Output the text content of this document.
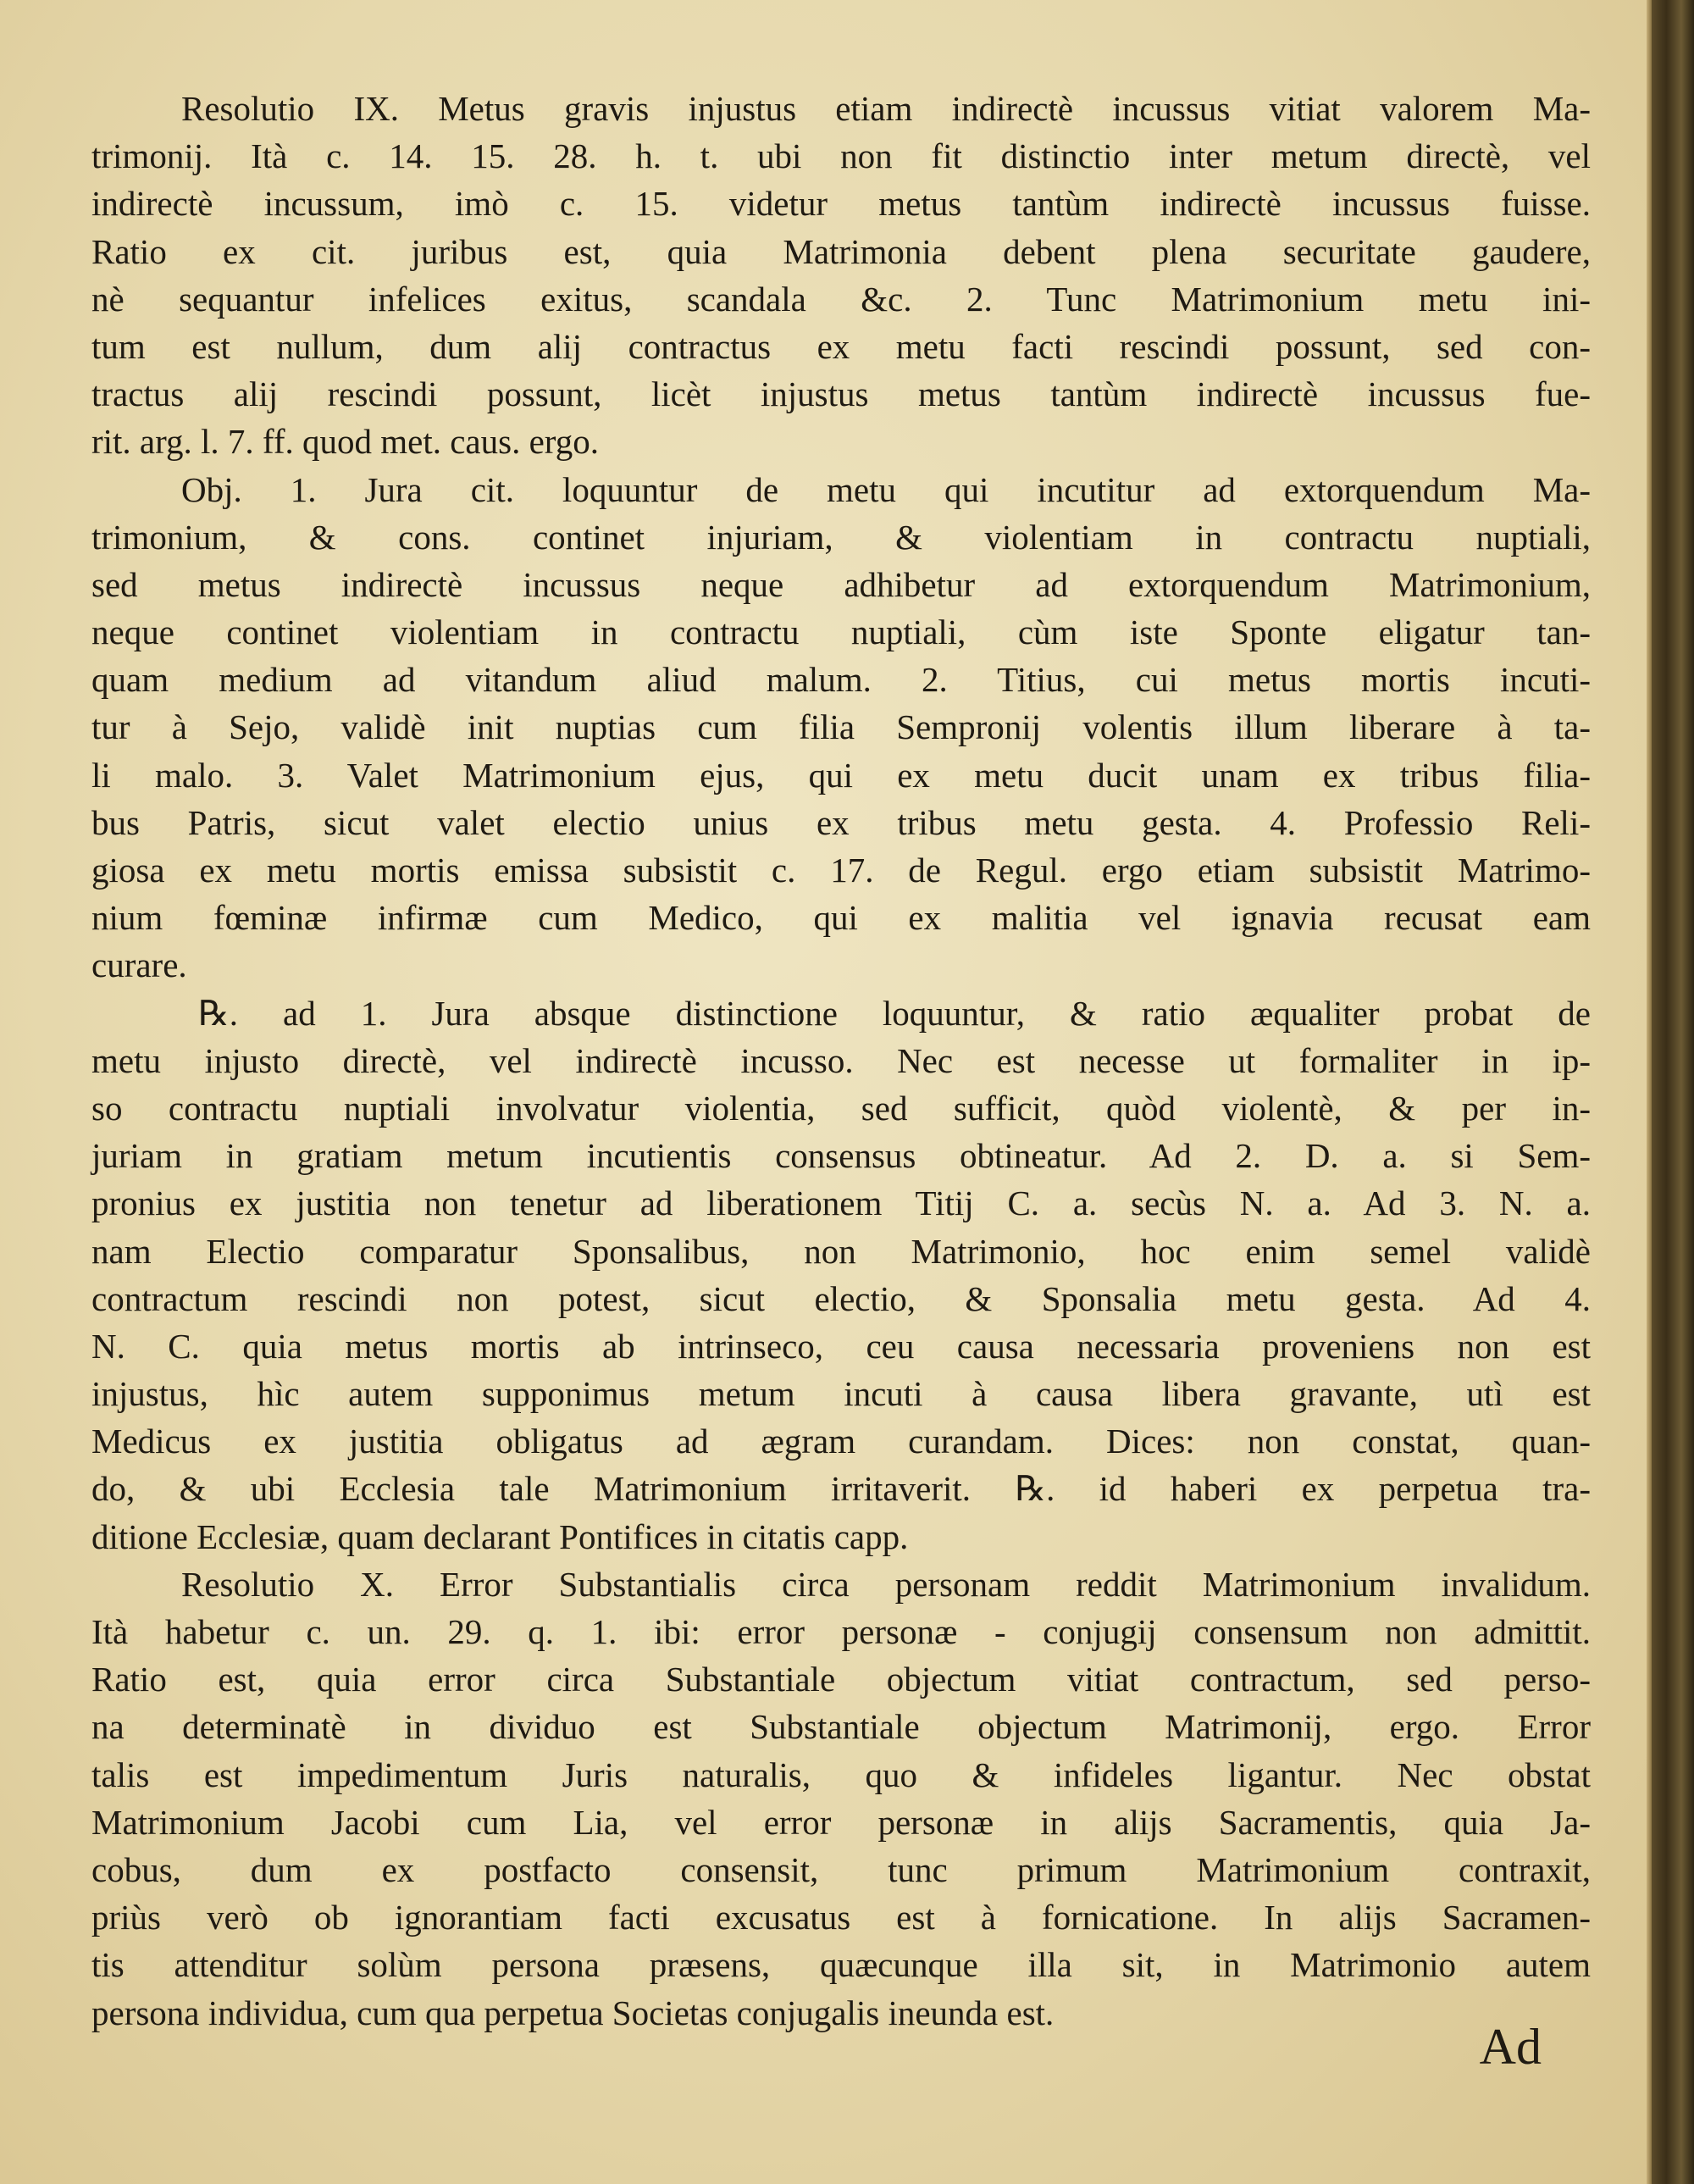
Resolutio IX. Metus gravis injustus etiam indirectè incussus vitiat valorem Ma-
trimonij. Ità c. 14. 15. 28. h. t. ubi non fit distinctio inter metum directè, vel
indirectè incussum, imò c. 15. videtur metus tantùm indirectè incussus fuisse.
Ratio ex cit. juribus est, quia Matrimonia debent plena securitate gaudere,
nè sequantur infelices exitus, scandala &c. 2. Tunc Matrimonium metu ini-
tum est nullum, dum alij contractus ex metu facti rescindi possunt, sed con-
tractus alij rescindi possunt, licèt injustus metus tantùm indirectè incussus fue-
rit. arg. l. 7. ff. quod met. caus. ergo.
Obj. 1. Jura cit. loquuntur de metu qui incutitur ad extorquendum Ma-
trimonium, & cons. continet injuriam, & violentiam in contractu nuptiali,
sed metus indirectè incussus neque adhibetur ad extorquendum Matrimonium,
neque continet violentiam in contractu nuptiali, cùm iste Sponte eligatur tan-
quam medium ad vitandum aliud malum. 2. Titius, cui metus mortis incuti-
tur à Sejo, validè init nuptias cum filia Sempronij volentis illum liberare à ta-
li malo. 3. Valet Matrimonium ejus, qui ex metu ducit unam ex tribus filia-
bus Patris, sicut valet electio unius ex tribus metu gesta. 4. Professio Reli-
giosa ex metu mortis emissa subsistit c. 17. de Regul. ergo etiam subsistit Matrimo-
nium fœminæ infirmæ cum Medico, qui ex malitia vel ignavia recusat eam
curare.
℞. ad 1. Jura absque distinctione loquuntur, & ratio æqualiter probat de
metu injusto directè, vel indirectè incusso. Nec est necesse ut formaliter in ip-
so contractu nuptiali involvatur violentia, sed sufficit, quòd violentè, & per in-
juriam in gratiam metum incutientis consensus obtineatur. Ad 2. D. a. si Sem-
pronius ex justitia non tenetur ad liberationem Titij C. a. secùs N. a. Ad 3. N. a.
nam Electio comparatur Sponsalibus, non Matrimonio, hoc enim semel validè
contractum rescindi non potest, sicut electio, & Sponsalia metu gesta. Ad 4.
N. C. quia metus mortis ab intrinseco, ceu causa necessaria proveniens non est
injustus, hìc autem supponimus metum incuti à causa libera gravante, utì est
Medicus ex justitia obligatus ad ægram curandam. Dices: non constat, quan-
do, & ubi Ecclesia tale Matrimonium irritaverit. ℞. id haberi ex perpetua tra-
ditione Ecclesiæ, quam declarant Pontifices in citatis capp.
Resolutio X. Error Substantialis circa personam reddit Matrimonium invalidum.
Ità habetur c. un. 29. q. 1. ibi: error personæ - conjugij consensum non admittit.
Ratio est, quia error circa Substantiale objectum vitiat contractum, sed perso-
na determinatè in dividuo est Substantiale objectum Matrimonij, ergo. Error
talis est impedimentum Juris naturalis, quo & infideles ligantur. Nec obstat
Matrimonium Jacobi cum Lia, vel error personæ in alijs Sacramentis, quia Ja-
cobus, dum ex postfacto consensit, tunc primum Matrimonium contraxit,
priùs verò ob ignorantiam facti excusatus est à fornicatione. In alijs Sacramen-
tis attenditur solùm persona præsens, quæcunque illa sit, in Matrimonio autem
persona individua, cum qua perpetua Societas conjugalis ineunda est.
Ad
